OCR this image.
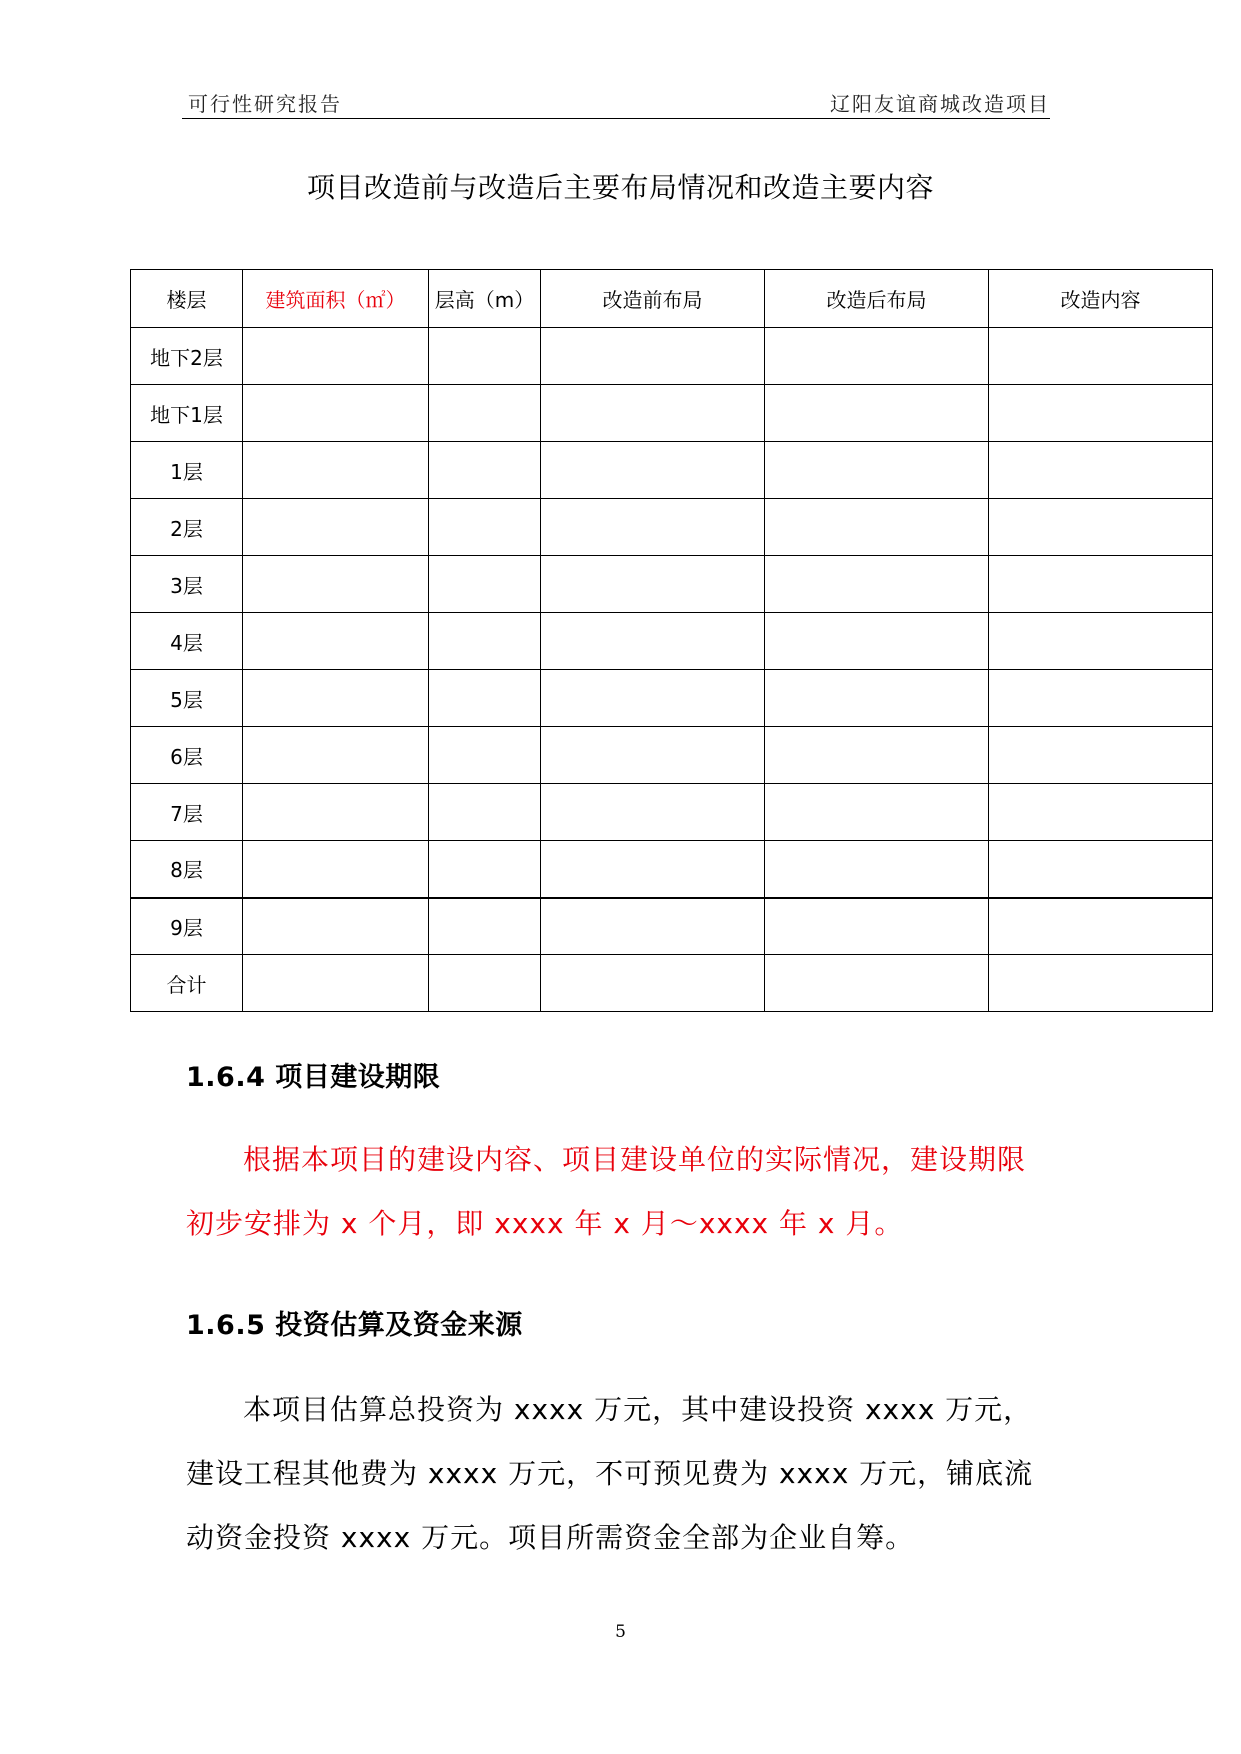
可行性研究报告	辽阳友谊商城改造项目
项目改造前与改造后主要布局情况和改造主要内容
楼层	建筑面积（㎡）	层高（m）	改造前布局	改造后布局	改造内容
地下2层					
地下1层					
1层					
2层					
3层					
4层					
5层					
6层					
7层					
8层					
9层					
合计					
1.6.4 项目建设期限
根据本项目的建设内容、项目建设单位的实际情况，建设期限初步安排为 x 个月，即 xxxx 年 x 月～xxxx 年 x 月。
1.6.5 投资估算及资金来源
本项目估算总投资为 xxxx 万元，其中建设投资 xxxx 万元，建设工程其他费为 xxxx 万元，不可预见费为 xxxx 万元，铺底流动资金投资 xxxx 万元。项目所需资金全部为企业自筹。
5
